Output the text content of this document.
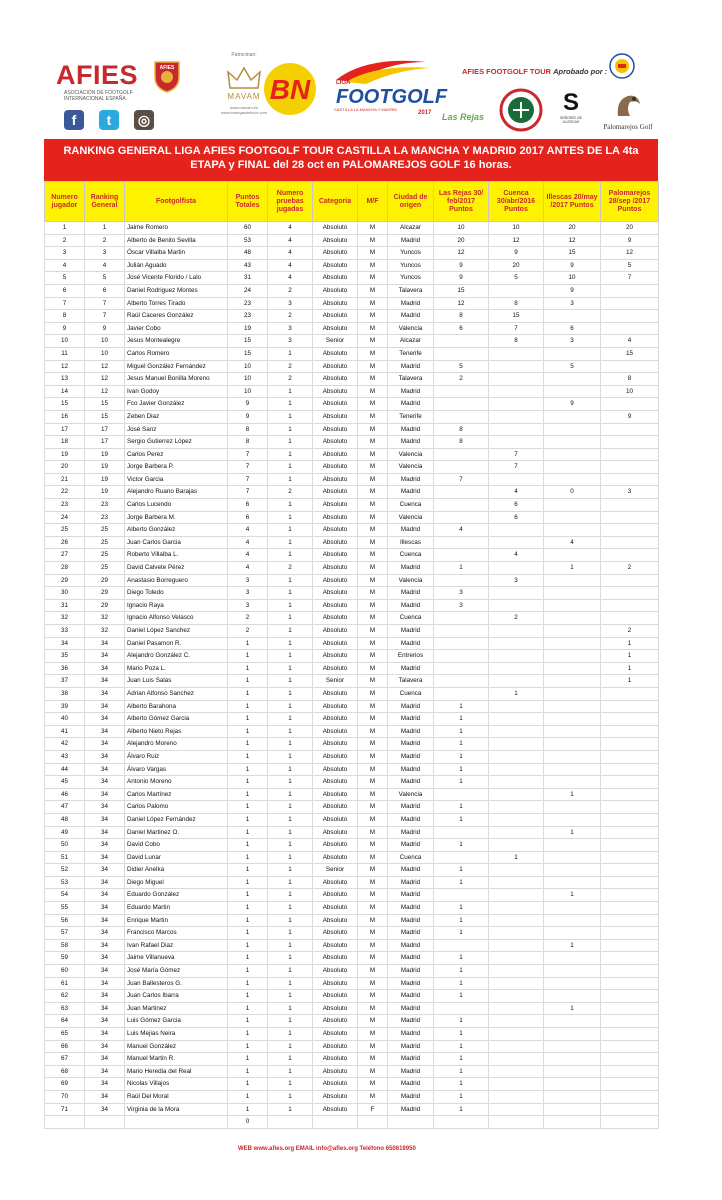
AFIES
ASOCIACIÓN DE FOOTGOLF INTERNACIONAL ESPAÑA
AFIES
f	t	◎
Patrocinan:
MAVAM
www.mavam.es www.bodegasdelicus.com
BN	LIGA
FOOTGOLF
CASTILLA LA MANCHA Y MADRID
2017
AFIES FOOTGOLF TOUR Aprobado por :
Las Rejas
S
SEÑORÍO DE ILLESCAS
Palomarejos Golf
RANKING GENERAL LIGA AFIES FOOTGOLF TOUR CASTILLA LA MANCHA Y MADRID 2017 ANTES DE LA 4ta ETAPA y FINAL del 28 oct en PALOMAREJOS GOLF 16 horas.
Numero jugador	Ranking General	Footgolfista	Puntos Totales	Numero pruebas jugadas	Categoria	M/F	Ciudad de origen	Las Rejas 30/ feb/2017 Puntos	Cuenca 30/abr/2016 Puntos	Illescas 20/may /2017 Puntos	Palomarejos 28/sep /2017 Puntos
1	1	Jaime Romero	60	4	Absoluto	M	Alcazar	10	10	20	20
2	2	Alberto de Benito Sevilla	53	4	Absoluto	M	Madrid	20	12	12	9
3	3	Óscar Villalba Martin	48	4	Absoluto	M	Yuncos	12	9	15	12
4	4	Julián Aguado	43	4	Absoluto	M	Yuncos	9	20	9	5
5	5	José Vicente Florido / Lalo	31	4	Absoluto	M	Yuncos	9	5	10	7
6	6	Daniel Rodriguez Montes	24	2	Absoluto	M	Talavera	15		9	
7	7	Alberto Torres Tirado	23	3	Absoluto	M	Madrid	12	8	3	
8	7	Raúl Caceres González	23	2	Absoluto	M	Madrid	8	15		
9	9	Javier Cobo	19	3	Absoluto	M	Valencia	6	7	6	
10	10	Jesus Montealegre	15	3	Senior	M	Alcazar		8	3	4
11	10	Carlos Romero	15	1	Absoluto	M	Tenerife				15
12	12	Miguel González Fernández	10	2	Absoluto	M	Madrid	5		5	
13	12	Jesus Manuel Bonilla Moreno	10	2	Absoluto	M	Talavera	2			8
14	12	Ivan Godoy	10	1	Absoluto	M	Madrid				10
15	15	Fco Javier González	9	1	Absoluto	M	Madrid			9	
16	15	Zeben Diaz	9	1	Absoluto	M	Tenerife				9
17	17	José Sanz	8	1	Absoluto	M	Madrid	8			
18	17	Sergio Gutierrez López	8	1	Absoluto	M	Madrid	8			
19	19	Carlos Perez	7	1	Absoluto	M	Valencia		7		
20	19	Jorge Barbera P.	7	1	Absoluto	M	Valencia		7		
21	19	Victor Garcia	7	1	Absoluto	M	Madrid	7			
22	19	Alejandro Ruano Barajas	7	2	Absoluto	M	Madrid		4	0	3
23	23	Carlos Lucendo	6	1	Absoluto	M	Cuenca		6		
24	23	Jorge Barbera M.	6	1	Absoluto	M	Valencia		6		
25	25	Alberto González	4	1	Absoluto	M	Madrid	4			
26	25	Juan Carlos Garcia	4	1	Absoluto	M	Illescas			4	
27	25	Roberto Villalba L.	4	1	Absoluto	M	Cuenca		4		
28	25	David Calvete Pérez	4	2	Absoluto	M	Madrid	1		1	2
29	29	Anastasio Borreguero	3	1	Absoluto	M	Valencia		3		
30	29	Diego Toledo	3	1	Absoluto	M	Madrid	3			
31	29	Ignacio Raya	3	1	Absoluto	M	Madrid	3			
32	32	Ignacio Alfonso Velasco	2	1	Absoluto	M	Cuenca		2		
33	32	Daniel López Sanchez	2	1	Absoluto	M	Madrid				2
34	34	Daniel Pasamon R.	1	1	Absoluto	M	Madrid				1
35	34	Alejandro González C.	1	1	Absoluto	M	Entrerios				1
36	34	Mario Poza L.	1	1	Absoluto	M	Madrid				1
37	34	Juan Luis Salas	1	1	Senior	M	Talavera				1
38	34	Adrian Alfonso Sanchez	1	1	Absoluto	M	Cuenca		1		
39	34	Alberto Barahona	1	1	Absoluto	M	Madrid	1			
40	34	Alberto Gómez Garcia	1	1	Absoluto	M	Madrid	1			
41	34	Alberto Nieto Rejas	1	1	Absoluto	M	Madrid	1			
42	34	Alejandro Moreno	1	1	Absoluto	M	Madrid	1			
43	34	Álvaro Ruiz	1	1	Absoluto	M	Madrid	1			
44	34	Álvaro Vargas	1	1	Absoluto	M	Madrid	1			
45	34	Antonio Moreno	1	1	Absoluto	M	Madrid	1			
46	34	Carlos Martínez	1	1	Absoluto	M	Valencia			1	
47	34	Carlos Palomo	1	1	Absoluto	M	Madrid	1			
48	34	Daniel López Fernández	1	1	Absoluto	M	Madrid	1			
49	34	Daniel Martinez O.	1	1	Absoluto	M	Madrid			1	
50	34	David Cobo	1	1	Absoluto	M	Madrid	1			
51	34	David Lunar	1	1	Absoluto	M	Cuenca		1		
52	34	Didier Anelka	1	1	Senior	M	Madrid	1			
53	34	Diego Miguel	1	1	Absoluto	M	Madrid	1			
54	34	Eduardo González	1	1	Absoluto	M	Madrid			1	
55	34	Eduardo Martin	1	1	Absoluto	M	Madrid	1			
56	34	Enrique Martin	1	1	Absoluto	M	Madrid	1			
57	34	Francisco Marcos	1	1	Absoluto	M	Madrid	1			
58	34	Ivan Rafael Diaz	1	1	Absoluto	M	Madrid			1	
59	34	Jaime Villanueva	1	1	Absoluto	M	Madrid	1			
60	34	José María Gómez	1	1	Absoluto	M	Madrid	1			
61	34	Juan Ballesteros G.	1	1	Absoluto	M	Madrid	1			
62	34	Juan Carlos Ibarra	1	1	Absoluto	M	Madrid	1			
63	34	Juan Martinez	1	1	Absoluto	M	Madrid			1	
64	34	Luis Gómez Garcia	1	1	Absoluto	M	Madrid	1			
65	34	Luis Mejias Neira	1	1	Absoluto	M	Madrid	1			
66	34	Manuel González	1	1	Absoluto	M	Madrid	1			
67	34	Manuel Martin R.	1	1	Absoluto	M	Madrid	1			
68	34	Mario Heredia del Real	1	1	Absoluto	M	Madrid	1			
69	34	Nicolas Villajos	1	1	Absoluto	M	Madrid	1			
70	34	Raúl Del Moral	1	1	Absoluto	M	Madrid	1			
71	34	Virginia de la Mora	1	1	Absoluto	F	Madrid	1			
			0								
WEB www.afies.org EMAIL info@afies.org Teléfono 650619950
